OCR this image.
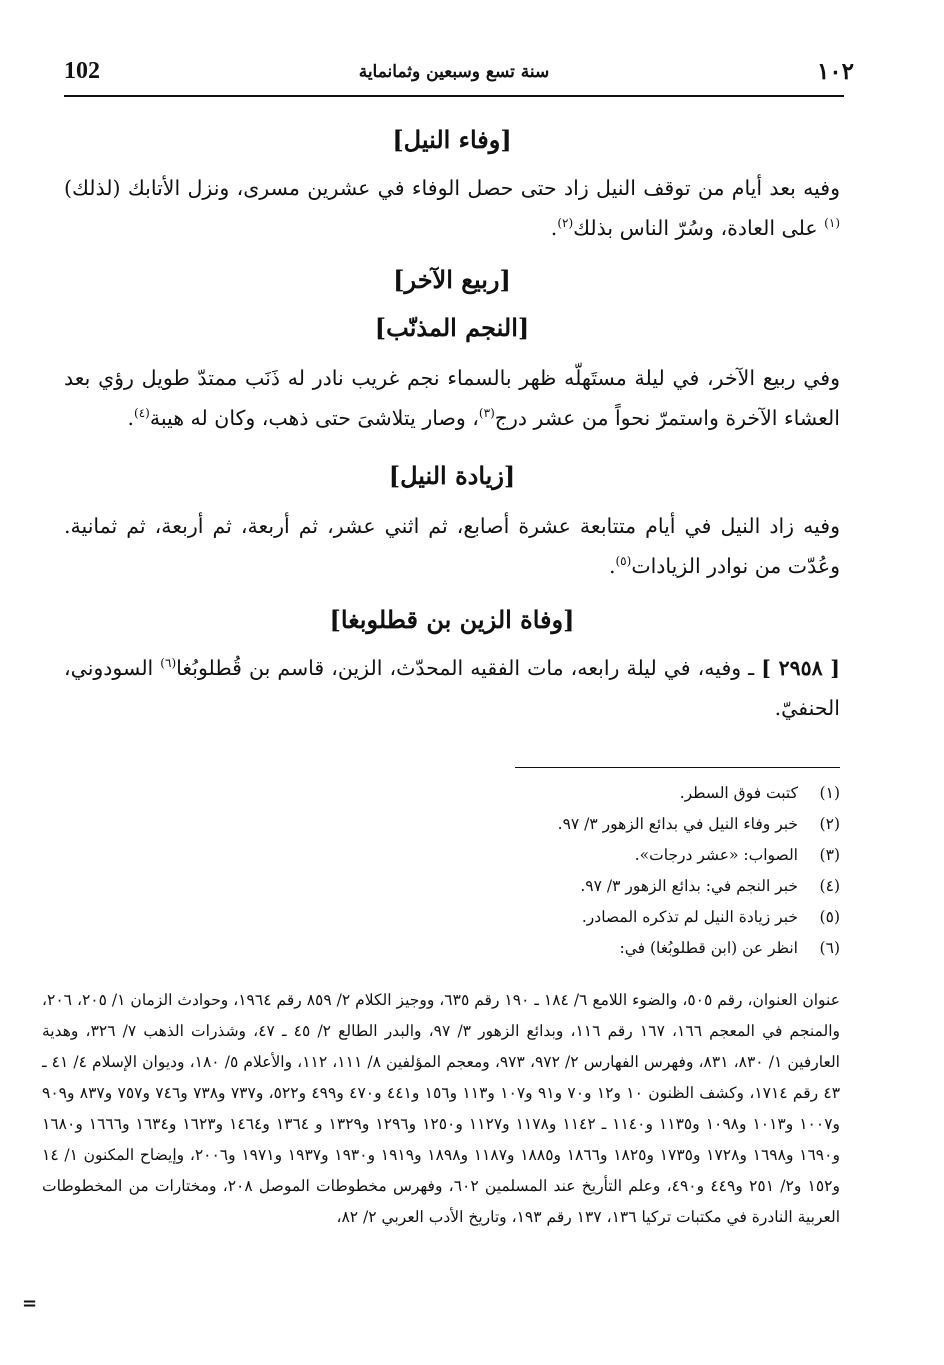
102	سنة تسع وسبعين وثمانماية	١٠٢
[وفاء النيل]

وفيه بعد أيام من توقف النيل زاد حتى حصل الوفاء في عشرين مسرى، ونزل الأتابك (لذلك)$^{(١)}$ على العادة، وسُرّ الناس بذلك$^{(٢)}$.

[ربيع الآخر]
[النجم المذنّب]

وفي ربيع الآخر، في ليلة مستَهلّه ظهر بالسماء نجم غريب نادر له ذَنَب ممتدّ طويل رؤي بعد العشاء الآخرة واستمرّ نحواً من عشر درج$^{(٣)}$، وصار يتلاشىَ حتى ذهب، وكان له هيبة$^{(٤)}$.

[زيادة النيل]

وفيه زاد النيل في أيام متتابعة عشرة أصابع، ثم اثني عشر، ثم أربعة، ثم أربعة، ثم ثمانية. وعُدّت من نوادر الزيادات$^{(٥)}$.

[وفاة الزين بن قطلوبغا]

[ ٢٩٥٨ ] ـ وفيه، في ليلة رابعه، مات الفقيه المحدّث، الزين، قاسم بن قُطلوبُغا$^{(٦)}$ السودوني، الحنفيّ.

(١)
كتبت فوق السطر.
(٢)
خبر وفاء النيل في بدائع الزهور ٣/ ٩٧.
(٣)
الصواب: «عشر درجات».
(٤)
خبر النجم في: بدائع الزهور ٣/ ٩٧.
(٥)
خبر زيادة النيل لم تذكره المصادر.
(٦)
انظر عن (ابن قطلوبُغا) في:
عنوان العنوان، رقم ٥٠٥، والضوء اللامع ٦/ ١٨٤ ـ ١٩٠ رقم ٦٣٥، ووجيز الكلام ٢/ ٨٥٩ رقم ١٩٦٤، وحوادث الزمان ١/ ٢٠٥، ٢٠٦، والمنجم في المعجم ١٦٦، ١٦٧ رقم ١١٦، وبدائع الزهور ٣/ ٩٧، والبدر الطالع ٢/ ٤٥ ـ ٤٧، وشذرات الذهب ٧/ ٣٢٦، وهدية العارفين ١/ ٨٣٠، ٨٣١، وفهرس الفهارس ٢/ ٩٧٢، ٩٧٣، ومعجم المؤلفين ٨/ ١١١، ١١٢، والأعلام ٥/ ١٨٠، وديوان الإسلام ٤/ ٤١ ـ ٤٣ رقم ١٧١٤، وكشف الظنون ١٠ و١٢ و٧٠ و٩١ و١٠٧ و١١٣ و١٥٦ و٤٤١ و٤٧٠ و٤٩٩ و٥٢٢، و٧٣٧ و٧٣٨ و٧٤٦ و٧٥٧ و٨٣٧ و٩٠٩ و١٠٠٧ و١٠١٣ و١٠٩٨ و١١٣٥ و١١٤٠ ـ ١١٤٢ و١١٧٨ و١١٢٧ و١٢٥٠ و١٢٩٦ و١٣٢٩ و ١٣٦٤ و١٤٦٤ و١٦٢٣ و١٦٣٤ و١٦٦٦ و١٦٨٠ و١٦٩٠ و١٦٩٨ و١٧٢٨ و١٧٣٥ و١٨٢٥ و١٨٦٦ و١٨٨٥ و١١٨٧ و١٨٩٨ و١٩١٩ و١٩٣٠ و١٩٣٧ و١٩٧١ و٢٠٠٦، وإيضاح المكنون ١/ ١٤ و١٥٢ و٢/ ٢٥١ و٤٤٩ و٤٩٠، وعلم التأريخ عند المسلمين ٦٠٢، وفهرس مخطوطات الموصل ٢٠٨، ومختارات من المخطوطات العربية النادرة في مكتبات تركيا ١٣٦، ١٣٧ رقم ١٩٣، وتاريخ الأدب العربي ٢/ ٨٢،
=
